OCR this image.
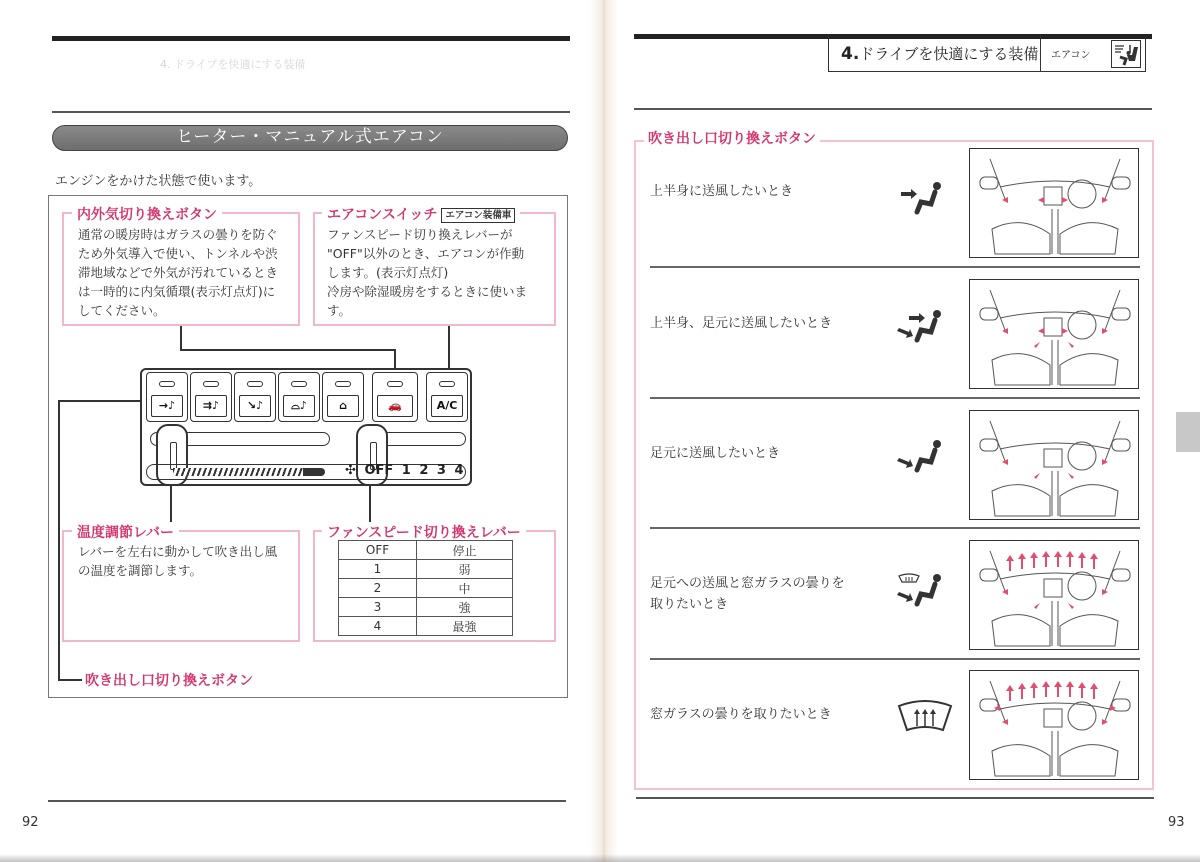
4. ドライブを快適にする装備
ヒーター・マニュアル式エアコン
エンジンをかけた状態で使います。
内外気切り換えボタン
通常の暖房時はガラスの曇りを防ぐ
ため外気導入で使い、トンネルや渋
滞地域などで外気が汚れているとき
は一時的に内気循環(表示灯点灯)に
してください。
エアコンスイッチ エアコン装備車
ファンスピード切り換えレバーが
"OFF"以外のとき、エアコンが作動
します。(表示灯点灯)
冷房や除湿暖房をするときに使いま
す。
→♪	⇉♪	↘♪	⌓♪	⌂	🚗	A/C
✣ OFF 1 2 3 4
温度調節レバー
レバーを左右に動かして吹き出し風
の温度を調節します。
ファンスピード切り換えレバー
OFF	停止
1	弱
2	中
3	強
4	最強
吹き出し口切り換えボタン
92
4.ドライブを快適にする装備	エアコン
吹き出し口切り換えボタン
上半身に送風したいとき
上半身、足元に送風したいとき
足元に送風したいとき
足元への送風と窓ガラスの曇りを
取りたいとき
窓ガラスの曇りを取りたいとき
93
